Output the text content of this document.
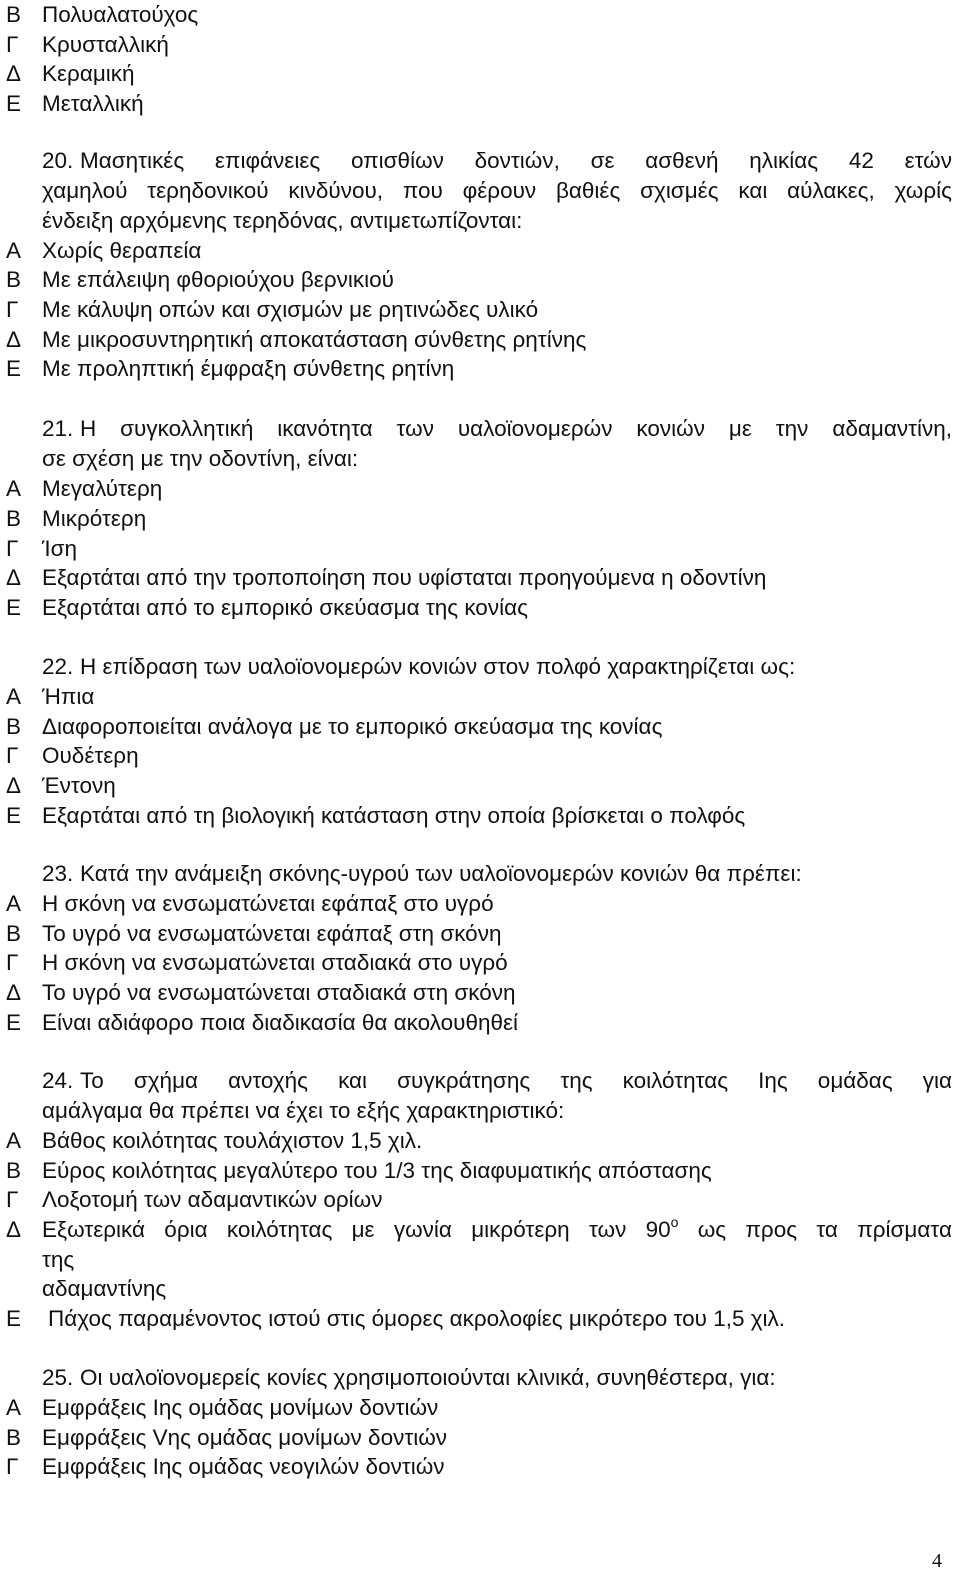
Β Πολυαλατούχος
Γ Κρυσταλλική
Δ Κεραμική
Ε Μεταλλική
20. Μασητικές επιφάνειες οπισθίων δοντιών, σε ασθενή ηλικίας 42 ετών
χαμηλού τερηδονικού κινδύνου, που φέρουν βαθιές σχισμές και αύλακες, χωρίς

ένδειξη αρχόμενης τερηδόνας, αντιμετωπίζονται:

Α Χωρίς θεραπεία
Β Με επάλειψη φθοριούχου βερνικιού
Γ Με κάλυψη οπών και σχισμών με ρητινώδες υλικό
Δ Με μικροσυντηρητική αποκατάσταση σύνθετης ρητίνης
Ε Με προληπτική έμφραξη σύνθετης ρητίνη
21. Η συγκολλητική ικανότητα των υαλοϊονομερών κονιών με την αδαμαντίνη,

σε σχέση με την οδοντίνη, είναι:

Α Μεγαλύτερη
Β Μικρότερη
Γ Ίση
Δ Εξαρτάται από την τροποποίηση που υφίσταται προηγούμενα η οδοντίνη
Ε Εξαρτάται από το εμπορικό σκεύασμα της κονίας

22. Η επίδραση των υαλοϊονομερών κονιών στον πολφό χαρακτηρίζεται ως:

Α Ήπια
Β Διαφοροποιείται ανάλογα με το εμπορικό σκεύασμα της κονίας
Γ Ουδέτερη
Δ Έντονη
Ε Εξαρτάται από τη βιολογική κατάσταση στην οποία βρίσκεται ο πολφός

23. Κατά την ανάμειξη σκόνης-υγρού των υαλοϊονομερών κονιών θα πρέπει:

Α Η σκόνη να ενσωματώνεται εφάπαξ στο υγρό
Β Το υγρό να ενσωματώνεται εφάπαξ στη σκόνη
Γ Η σκόνη να ενσωματώνεται σταδιακά στο υγρό
Δ Το υγρό να ενσωματώνεται σταδιακά στη σκόνη
Ε Είναι αδιάφορο ποια διαδικασία θα ακολουθηθεί
24. Το σχήμα αντοχής και συγκράτησης της κοιλότητας Ιης ομάδας για

αμάλγαμα θα πρέπει να έχει το εξής χαρακτηριστικό:

Α Βάθος κοιλότητας τουλάχιστον 1,5 χιλ.
Β Εύρος κοιλότητας μεγαλύτερο του 1/3 της διαφυματικής απόστασης
Γ Λοξοτομή των αδαμαντικών ορίων
Δ Εξωτερικά όρια κοιλότητας με γωνία μικρότερη των $90^o$ ως προς τα πρίσματα
της
αδαμαντίνης
Ε Πάχος παραμένοντος ιστού στις όμορες ακρολοφίες μικρότερο του 1,5 χιλ.

25. Οι υαλοϊονομερείς κονίες χρησιμοποιούνται κλινικά, συνηθέστερα, για:

Α Εμφράξεις Ιης ομάδας μονίμων δοντιών
Β Εμφράξεις Vης ομάδας μονίμων δοντιών
Γ Εμφράξεις Ιης ομάδας νεογιλών δοντιών
4
